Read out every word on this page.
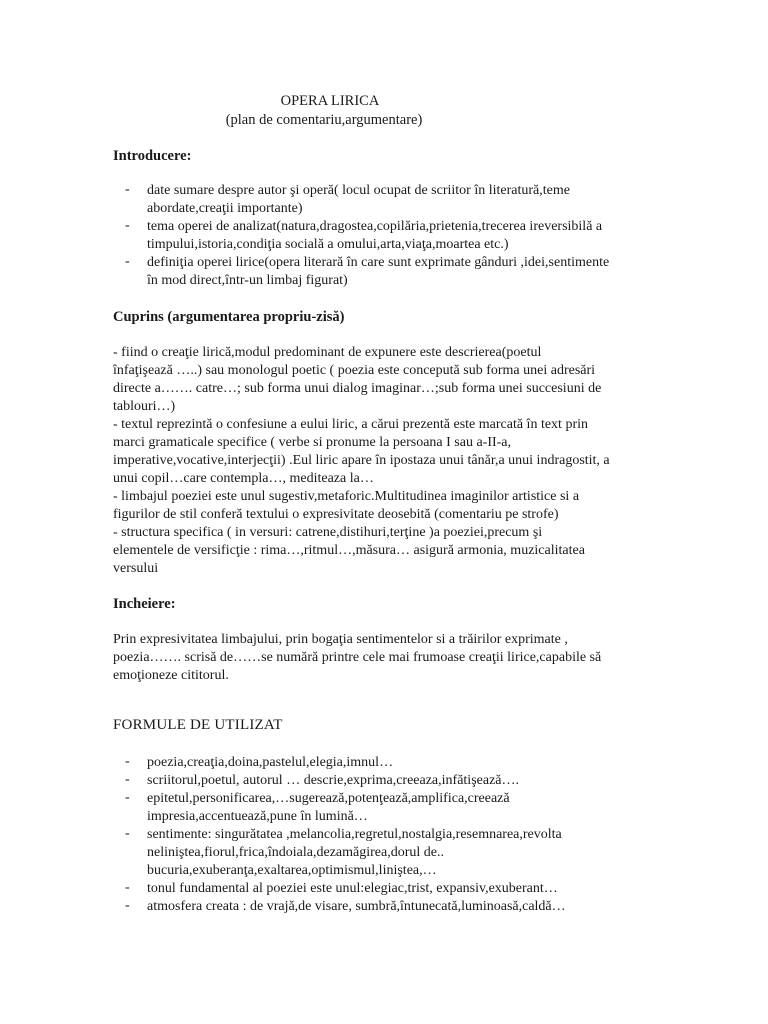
OPERA LIRICA
(plan de comentariu,argumentare)
Introducere:
- date sumare despre autor şi operă( locul ocupat de scriitor în literatură,teme
abordate,creaţii importante)
- tema operei de analizat(natura,dragostea,copilăria,prietenia,trecerea ireversibilă a
timpului,istoria,condiţia socială a omului,arta,viaţa,moartea etc.)
- definiţia operei lirice(opera literară în care sunt exprimate gânduri ,idei,sentimente
în mod direct,într-un limbaj figurat)
Cuprins (argumentarea propriu-zisă)
- fiind o creaţie lirică,modul predominant de expunere este descrierea(poetul
înfaţişează …..) sau monologul poetic ( poezia este concepută sub forma unei adresări
directe a……. catre…; sub forma unui dialog imaginar…;sub forma unei succesiuni de
tablouri…)
- textul reprezintă o confesiune a eului liric, a cărui prezentă este marcată în text prin
marci gramaticale specifice ( verbe si pronume la persoana I sau a-II-a,
imperative,vocative,interjecţii) .Eul liric apare în ipostaza unui tânăr,a unui indragostit, a
unui copil…care contempla…, mediteaza la…
- limbajul poeziei este unul sugestiv,metaforic.Multitudinea imaginilor artistice si a
figurilor de stil conferă textului o expresivitate deosebită (comentariu pe strofe)
- structura specifica ( in versuri: catrene,distihuri,terţine )a poeziei,precum şi
elementele de versificţie : rima…,ritmul…,măsura… asigură armonia, muzicalitatea
versului
Incheiere:
Prin expresivitatea limbajului, prin bogaţia sentimentelor si a trăirilor exprimate ,
poezia……. scrisă de……se numără printre cele mai frumoase creaţii lirice,capabile să
emoţioneze cititorul.
FORMULE DE UTILIZAT
- poezia,creaţia,doina,pastelul,elegia,imnul…
- scriitorul,poetul, autorul … descrie,exprima,creeaza,infătişează….
- epitetul,personificarea,…sugerează,potenţează,amplifica,creează
impresia,accentuează,pune în lumină…
- sentimente: singurătatea ,melancolia,regretul,nostalgia,resemnarea,revolta
nelinişteа,fiorul,frica,îndoiala,dezamăgirea,dorul de..
bucuria,exuberanţa,exaltarea,optimismul,liniştea,…
- tonul fundamental al poeziei este unul:elegiac,trist, expansiv,exuberant…
- atmosfera creata : de vrajă,de visare, sumbră,întunecată,luminoasă,caldă…
